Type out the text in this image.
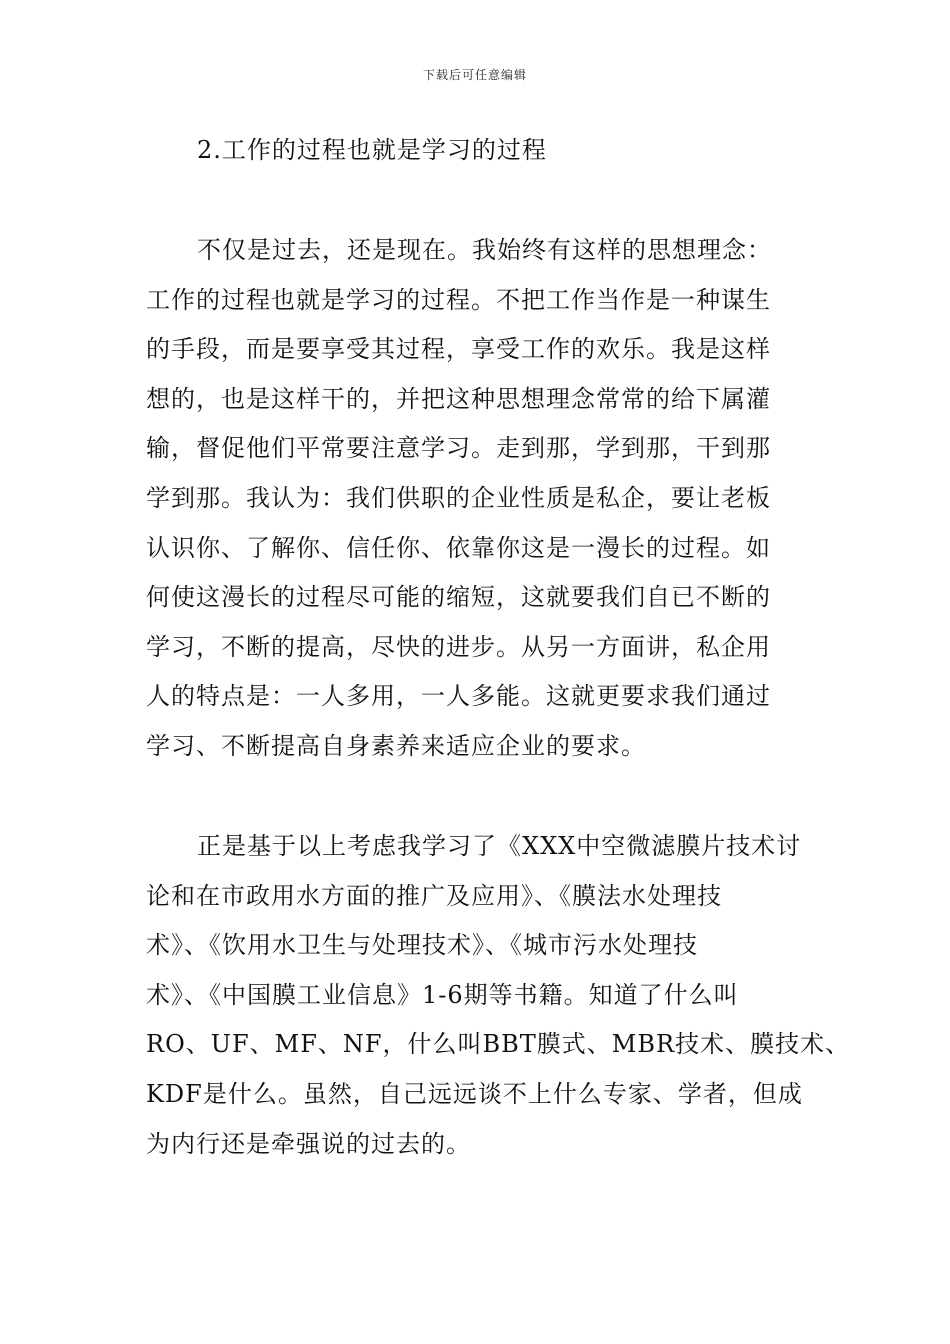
下载后可任意编辑
2.工作的过程也就是学习的过程

不仅是过去，还是现在。我始终有这样的思想理念：
工作的过程也就是学习的过程。不把工作当作是一种谋生
的手段，而是要享受其过程，享受工作的欢乐。我是这样
想的，也是这样干的，并把这种思想理念常常的给下属灌
输，督促他们平常要注意学习。走到那，学到那，干到那
学到那。我认为：我们供职的企业性质是私企，要让老板
认识你、了解你、信任你、依靠你这是一漫长的过程。如
何使这漫长的过程尽可能的缩短，这就要我们自已不断的
学习，不断的提高，尽快的进步。从另一方面讲，私企用
人的特点是：一人多用，一人多能。这就更要求我们通过
学习、不断提高自身素养来适应企业的要求。

正是基于以上考虑我学习了《XXX中空微滤膜片技术讨
论和在市政用水方面的推广及应用》、《膜法水处理技
术》、《饮用水卫生与处理技术》、《城市污水处理技
术》、《中国膜工业信息》1-6期等书籍。知道了什么叫
RO、UF、MF、NF，什么叫BBT膜式、MBR技术、膜技术、
KDF是什么。虽然，自己远远谈不上什么专家、学者，但成
为内行还是牵强说的过去的。
